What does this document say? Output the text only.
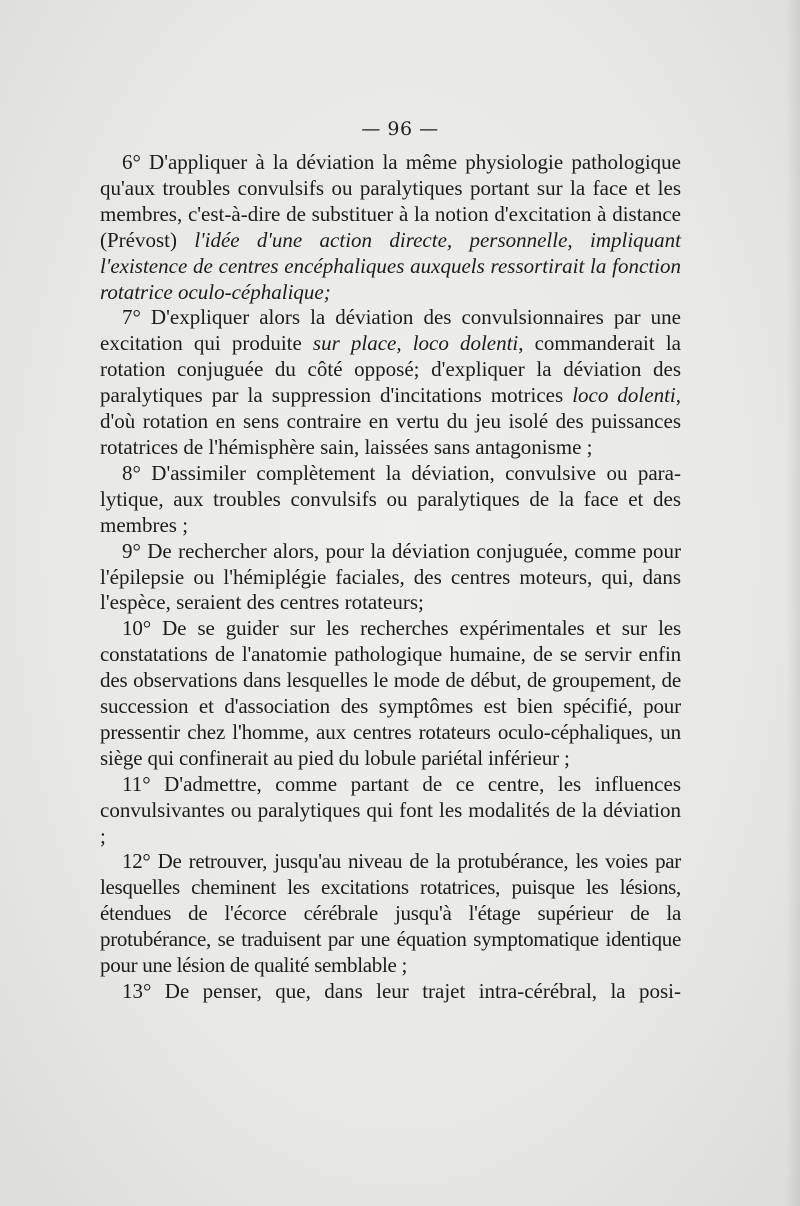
— 96 —

6° D'appliquer à la déviation la même physiologie pathologique qu'aux troubles convulsifs ou paralytiques portant sur la face et les membres, c'est-à-dire de substituer à la notion d'excitation à distance (Prévost) l'idée d'une action directe, personnelle, impliquant l'existence de centres encéphaliques auxquels ressortirait la fonction rotatrice oculo-céphalique;

7° D'expliquer alors la déviation des convulsionnaires par une excitation qui produite sur place, loco dolenti, commanderait la rotation conjuguée du côté opposé; d'expliquer la déviation des paralytiques par la suppression d'incitations motrices loco dolenti, d'où rotation en sens contraire en vertu du jeu isolé des puissances rotatrices de l'hémisphère sain, laissées sans antagonisme ;

8° D'assimiler complètement la déviation, convulsive ou paralytique, aux troubles convulsifs ou paralytiques de la face et des membres ;

9° De rechercher alors, pour la déviation conjuguée, comme pour l'épilepsie ou l'hémiplégie faciales, des centres moteurs, qui, dans l'espèce, seraient des centres rotateurs;

10° De se guider sur les recherches expérimentales et sur les constatations de l'anatomie pathologique humaine, de se servir enfin des observations dans lesquelles le mode de début, de groupement, de succession et d'association des symptômes est bien spécifié, pour pressentir chez l'homme, aux centres rotateurs oculo-céphaliques, un siège qui confinerait au pied du lobule pariétal inférieur ;

11° D'admettre, comme partant de ce centre, les influences convulsivantes ou paralytiques qui font les modalités de la déviation ;

12° De retrouver, jusqu'au niveau de la protubérance, les voies par lesquelles cheminent les excitations rotatrices, puisque les lésions, étendues de l'écorce cérébrale jusqu'à l'étage supérieur de la protubérance, se traduisent par une équation symptomatique identique pour une lésion de qualité semblable ;

13° De penser, que, dans leur trajet intra-cérébral, la posi-
